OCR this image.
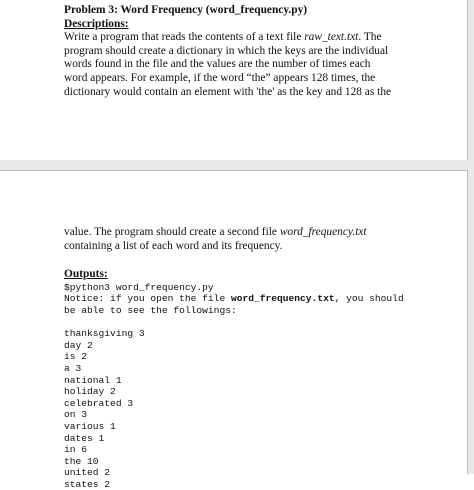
Problem 3: Word Frequency (word_frequency.py)

Descriptions:

Write a program that reads the contents of a text file raw_text.txt. The
program should create a dictionary in which the keys are the individual
words found in the file and the values are the number of times each
word appears. For example, if the word “the” appears 128 times, the
dictionary would contain an element with 'the' as the key and 128 as the
value. The program should create a second file word_frequency.txt
containing a list of each word and its frequency.

Outputs:

$python3 word_frequency.py

Notice: if you open the file word_frequency.txt, you should

be able to see the followings:

thanksgiving 3
day 2
is 2
a 3
national 1
holiday 2
celebrated 3
on 3
various 1
dates 1
in 6
the 10
united 2
states 2
